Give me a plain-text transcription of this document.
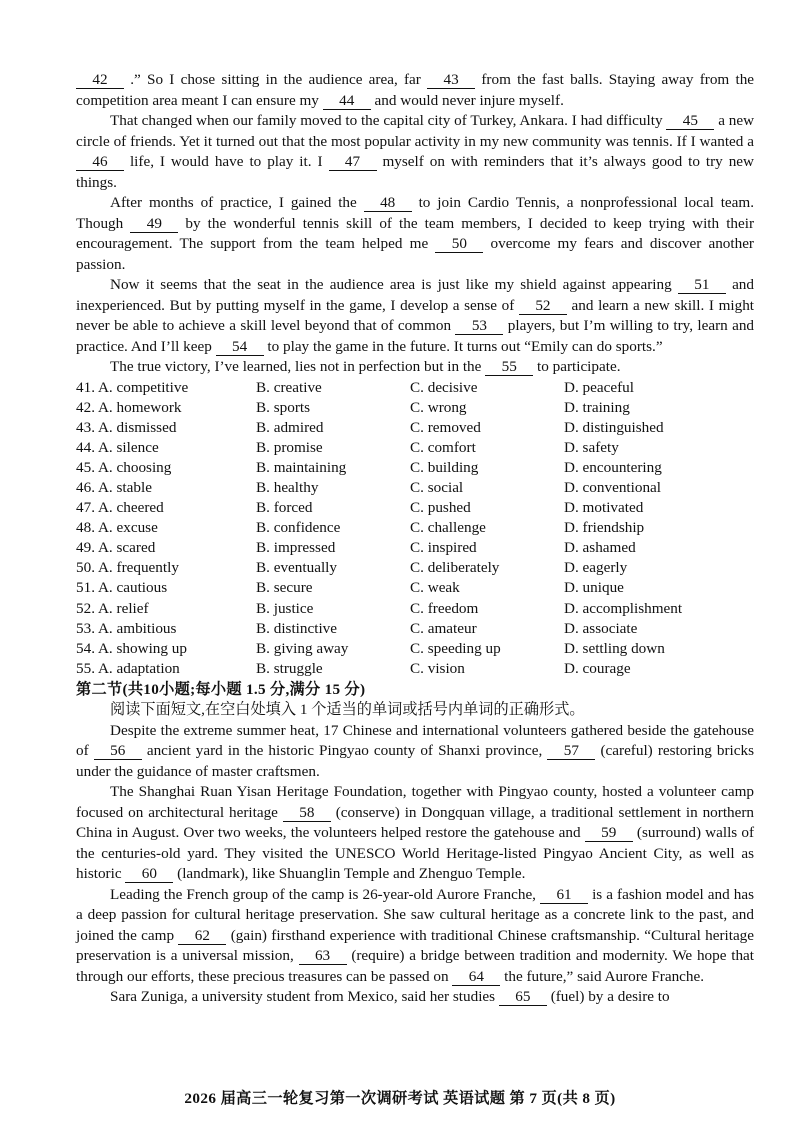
42 .” So I chose sitting in the audience area, far 43 from the fast balls. Staying away from the competition area meant I can ensure my 44 and would never injure myself.

That changed when our family moved to the capital city of Turkey, Ankara. I had difficulty 45 a new circle of friends. Yet it turned out that the most popular activity in my new community was tennis. If I wanted a 46 life, I would have to play it. I 47 myself on with reminders that it’s always good to try new things.

After months of practice, I gained the 48 to join Cardio Tennis, a nonprofessional local team. Though 49 by the wonderful tennis skill of the team members, I decided to keep trying with their encouragement. The support from the team helped me 50 overcome my fears and discover another passion.

Now it seems that the seat in the audience area is just like my shield against appearing 51 and inexperienced. But by putting myself in the game, I develop a sense of 52 and learn a new skill. I might never be able to achieve a skill level beyond that of common 53 players, but I’m willing to try, learn and practice. And I’ll keep 54 to play the game in the future. It turns out “Emily can do sports.”

The true victory, I’ve learned, lies not in perfection but in the 55 to participate.

41. A. competitive	B. creative	C. decisive	D. peaceful
42. A. homework	B. sports	C. wrong	D. training
43. A. dismissed	B. admired	C. removed	D. distinguished
44. A. silence	B. promise	C. comfort	D. safety
45. A. choosing	B. maintaining	C. building	D. encountering
46. A. stable	B. healthy	C. social	D. conventional
47. A. cheered	B. forced	C. pushed	D. motivated
48. A. excuse	B. confidence	C. challenge	D. friendship
49. A. scared	B. impressed	C. inspired	D. ashamed
50. A. frequently	B. eventually	C. deliberately	D. eagerly
51. A. cautious	B. secure	C. weak	D. unique
52. A. relief	B. justice	C. freedom	D. accomplishment
53. A. ambitious	B. distinctive	C. amateur	D. associate
54. A. showing up	B. giving away	C. speeding up	D. settling down
55. A. adaptation	B. struggle	C. vision	D. courage

第二节(共10小题;每小题 1.5 分,满分 15 分)

阅读下面短文,在空白处填入 1 个适当的单词或括号内单词的正确形式。

Despite the extreme summer heat, 17 Chinese and international volunteers gathered beside the gatehouse of 56 ancient yard in the historic Pingyao county of Shanxi province, 57 (careful) restoring bricks under the guidance of master craftsmen.

The Shanghai Ruan Yisan Heritage Foundation, together with Pingyao county, hosted a volunteer camp focused on architectural heritage 58 (conserve) in Dongquan village, a traditional settlement in northern China in August. Over two weeks, the volunteers helped restore the gatehouse and 59 (surround) walls of the centuries-old yard. They visited the UNESCO World Heritage-listed Pingyao Ancient City, as well as historic 60 (landmark), like Shuanglin Temple and Zhenguo Temple.

Leading the French group of the camp is 26-year-old Aurore Franche, 61 is a fashion model and has a deep passion for cultural heritage preservation. She saw cultural heritage as a concrete link to the past, and joined the camp 62 (gain) firsthand experience with traditional Chinese craftsmanship. “Cultural heritage preservation is a universal mission, 63 (require) a bridge between tradition and modernity. We hope that through our efforts, these precious treasures can be passed on 64 the future,” said Aurore Franche.

Sara Zuniga, a university student from Mexico, said her studies 65 (fuel) by a desire to

2026 届高三一轮复习第一次调研考试 英语试题 第 7 页(共 8 页)
